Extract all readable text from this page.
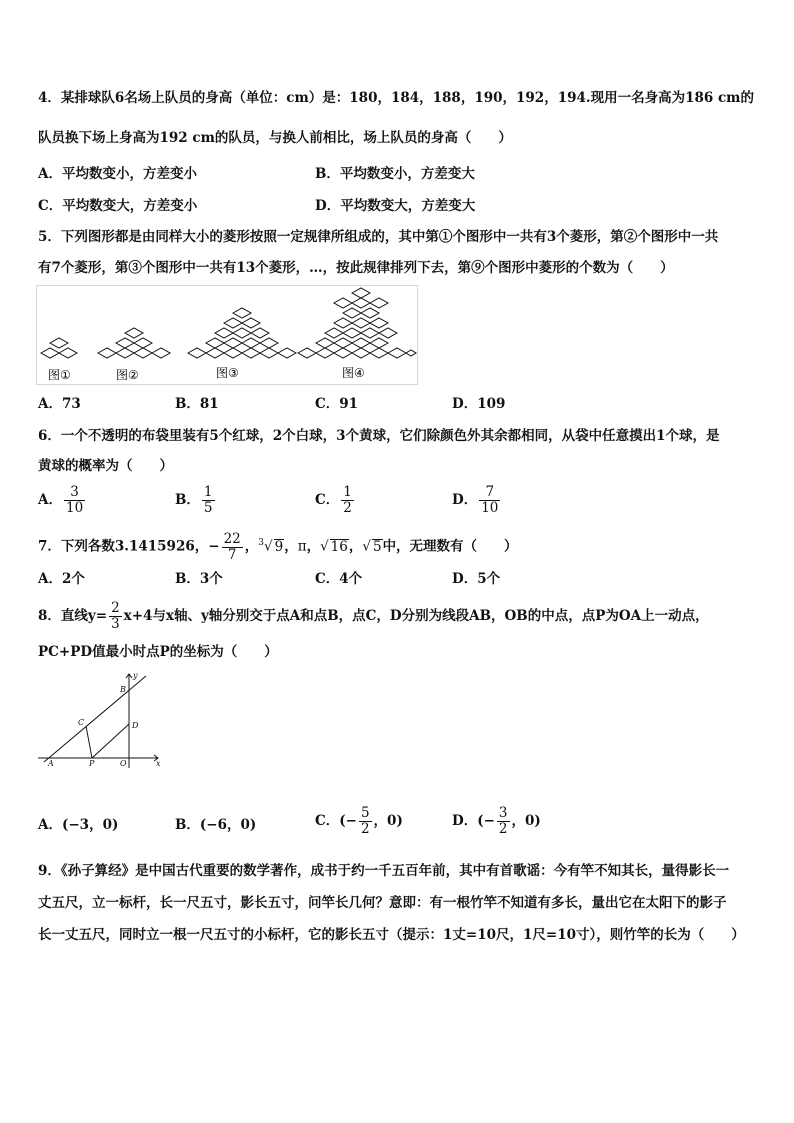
4．某排球队6名场上队员的身高（单位：cm）是：180，184，188，190，192，194.现用一名身高为186 cm的
队员换下场上身高为192 cm的队员，与换人前相比，场上队员的身高（　　）
A．平均数变小，方差变小	B．平均数变小，方差变大
C．平均数变大，方差变小	D．平均数变大，方差变大
5．下列图形都是由同样大小的菱形按照一定规律所组成的，其中第①个图形中一共有3个菱形，第②个图形中一共
有7个菱形，第③个图形中一共有13个菱形，…，按此规律排列下去，第⑨个图形中菱形的个数为（　　）
图①	图②	图③	图④
A．73	B．81	C．91	D．109
6．一个不透明的布袋里装有5个红球，2个白球，3个黄球，它们除颜色外其余都相同，从袋中任意摸出1个球，是
黄球的概率为（　　）
A． $\frac{3}{10}$	B． $\frac{1}{5}$	C． $\frac{1}{2}$	D． $\frac{7}{10}$
7．下列各数3.1415926，− $\frac{22}{7}$ ，$^3$√ 9，π，√ 16，√ 5中，无理数有（　　）
A．2个	B．3个	C．4个	D．5个
8．直线$y= \frac{2}{3} x+4$与x轴、y轴分别交于点A和点B，点C，D分别为线段AB，OB的中点，点P为OA上一动点，
PC+PD值最小时点P的坐标为（　　）
A
B
C	D
P	O	x
y
A．(−3，0)	B．(−6，0)	C．(− $\frac{5}{2}$ ，0)	D．(− $\frac{3}{2}$ ，0)
9．《孙子算经》是中国古代重要的数学著作，成书于约一千五百年前，其中有首歌谣：今有竿不知其长，量得影长一
丈五尺，立一标杆，长一尺五寸，影长五寸，问竿长几何？意即：有一根竹竿不知道有多长，量出它在太阳下的影子
长一丈五尺，同时立一根一尺五寸的小标杆，它的影长五寸（提示：1丈=10尺，1尺=10寸），则竹竿的长为（　　）
